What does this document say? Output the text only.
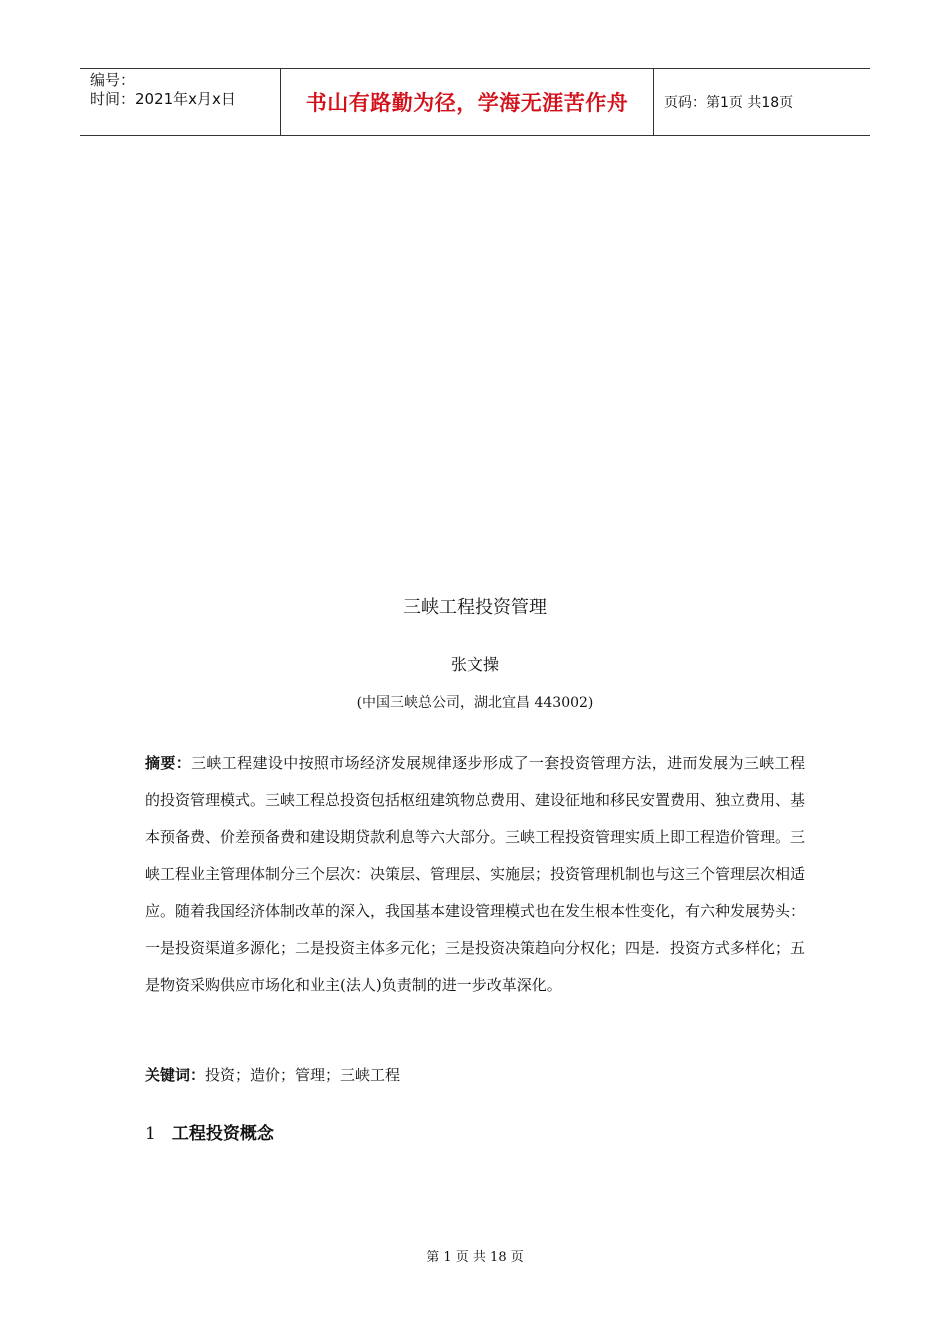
编号：
时间：2021年x月x日	书山有路勤为径，学海无涯苦作舟	页码：第1页 共18页
三峡工程投资管理
张文操
(中国三峡总公司，湖北宜昌 443002)

摘要：三峡工程建设中按照市场经济发展规律逐步形成了一套投资管理方法，进而发展为三峡工程的投资管理模式。三峡工程总投资包括枢纽建筑物总费用、建设征地和移民安置费用、独立费用、基本预备费、价差预备费和建设期贷款利息等六大部分。三峡工程投资管理实质上即工程造价管理。三峡工程业主管理体制分三个层次：决策层、管理层、实施层；投资管理机制也与这三个管理层次相适应。随着我国经济体制改革的深入，我国基本建设管理模式也在发生根本性变化，有六种发展势头：一是投资渠道多源化；二是投资主体多元化；三是投资决策趋向分权化；四是．投资方式多样化；五是物资采购供应市场化和业主(法人)负责制的进一步改革深化。

关键词：投资；造价；管理；三峡工程
1 工程投资概念
第 1 页 共 18 页
